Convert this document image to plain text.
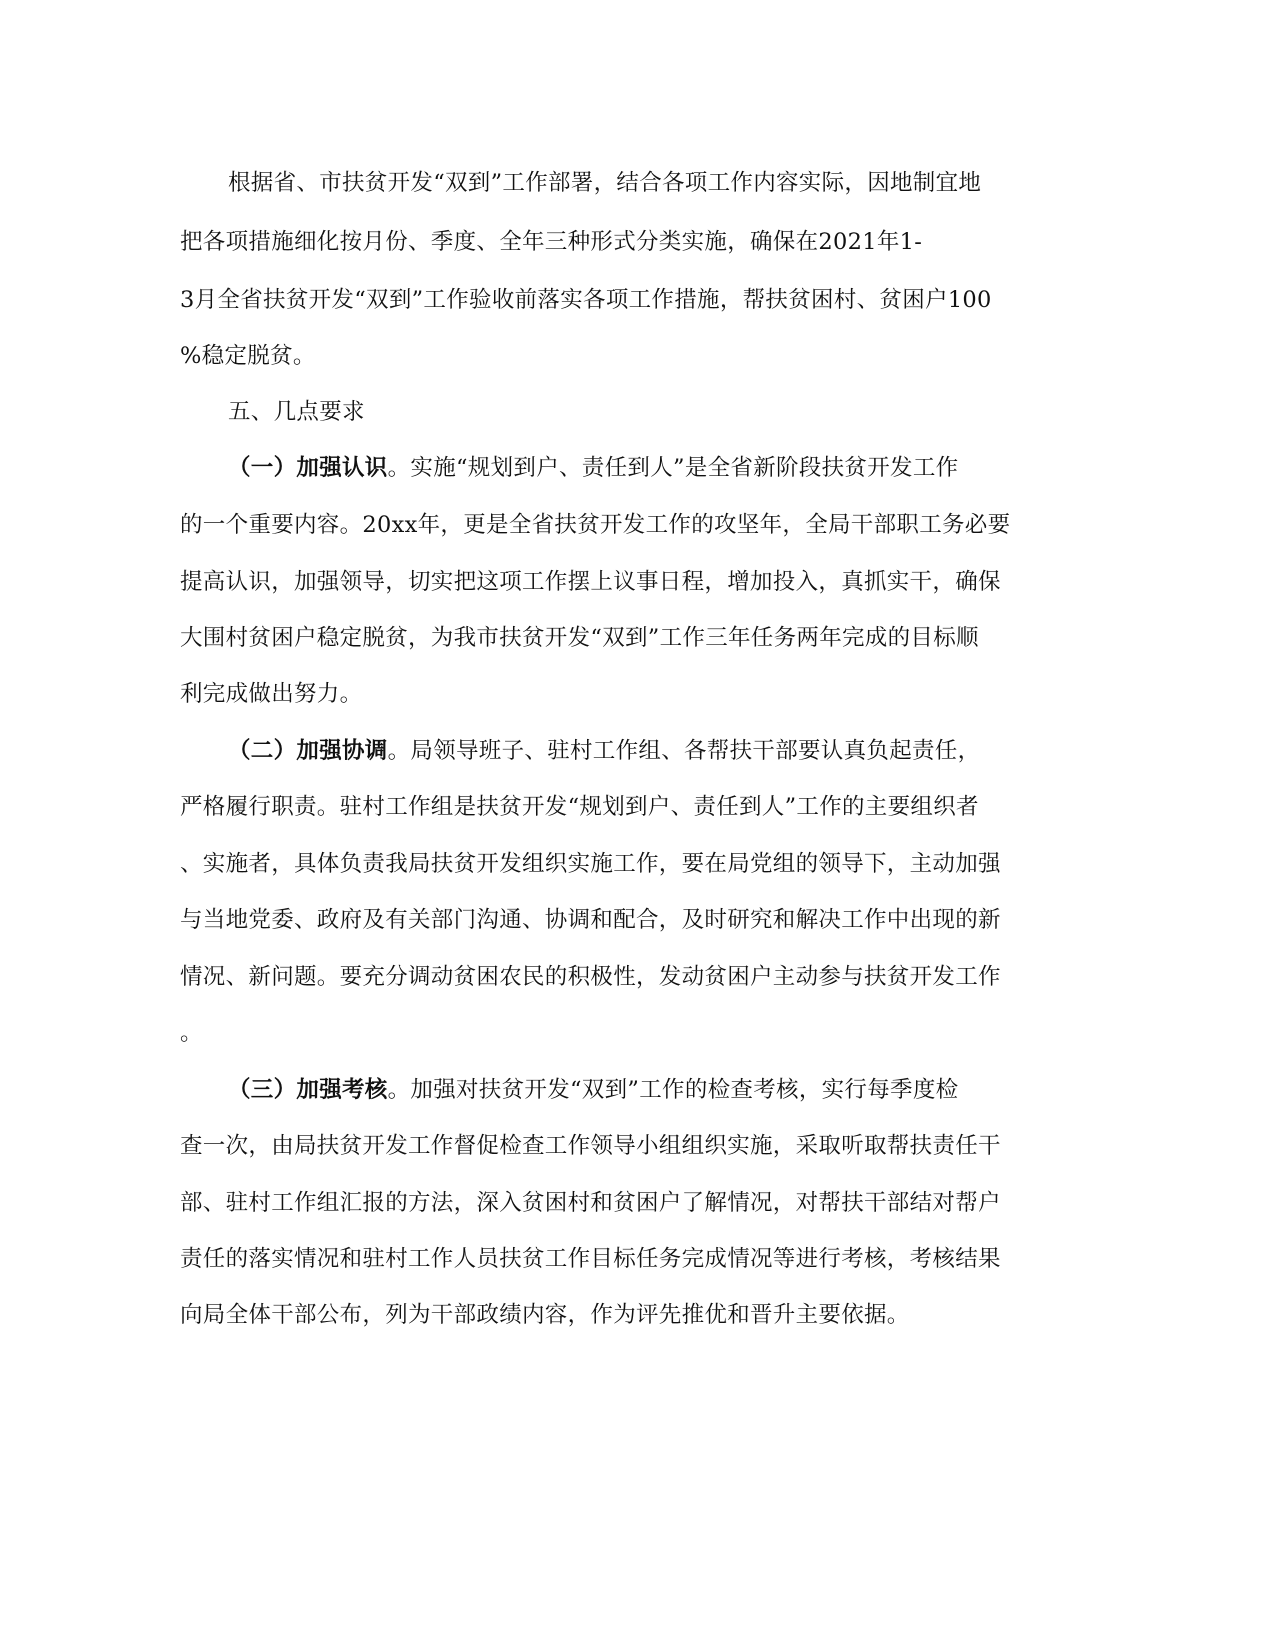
根据省、市扶贫开发“双到”工作部署，结合各项工作内容实际，因地制宜地
把各项措施细化按月份、季度、全年三种形式分类实施，确保在2021年1-
3月全省扶贫开发“双到”工作验收前落实各项工作措施，帮扶贫困村、贫困户100
%稳定脱贫。
五、几点要求
（一）加强认识。实施“规划到户、责任到人”是全省新阶段扶贫开发工作
的一个重要内容。20xx年，更是全省扶贫开发工作的攻坚年，全局干部职工务必要
提高认识，加强领导，切实把这项工作摆上议事日程，增加投入，真抓实干，确保
大围村贫困户稳定脱贫，为我市扶贫开发“双到”工作三年任务两年完成的目标顺
利完成做出努力。
（二）加强协调。局领导班子、驻村工作组、各帮扶干部要认真负起责任，
严格履行职责。驻村工作组是扶贫开发“规划到户、责任到人”工作的主要组织者
、实施者，具体负责我局扶贫开发组织实施工作，要在局党组的领导下，主动加强
与当地党委、政府及有关部门沟通、协调和配合，及时研究和解决工作中出现的新
情况、新问题。要充分调动贫困农民的积极性，发动贫困户主动参与扶贫开发工作
。
（三）加强考核。加强对扶贫开发“双到”工作的检查考核，实行每季度检
查一次，由局扶贫开发工作督促检查工作领导小组组织实施，采取听取帮扶责任干
部、驻村工作组汇报的方法，深入贫困村和贫困户了解情况，对帮扶干部结对帮户
责任的落实情况和驻村工作人员扶贫工作目标任务完成情况等进行考核，考核结果
向局全体干部公布，列为干部政绩内容，作为评先推优和晋升主要依据。
